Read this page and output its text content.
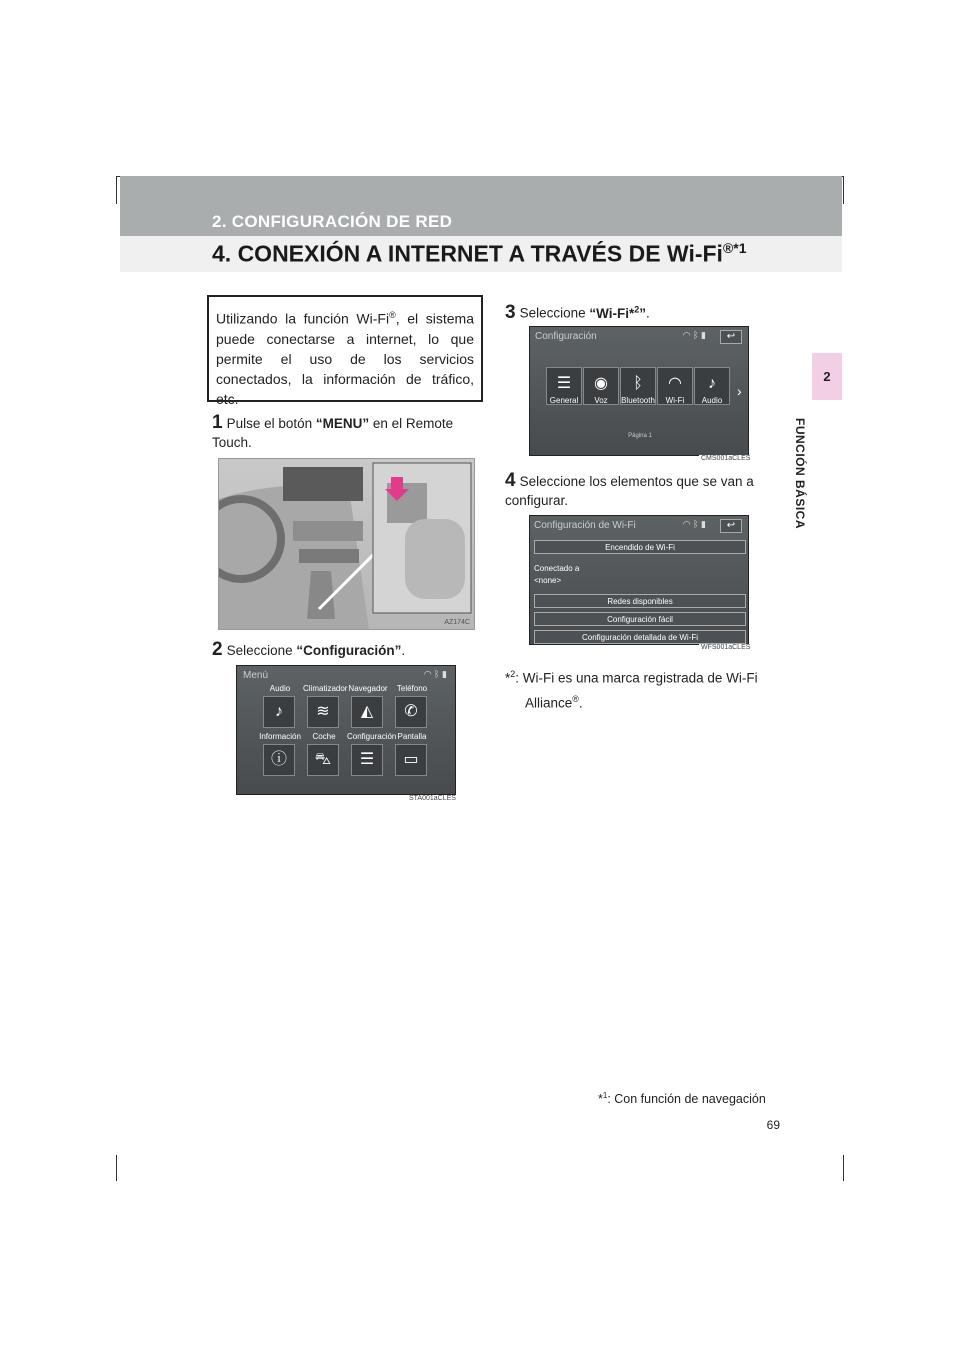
2. CONFIGURACIÓN DE RED
4. CONEXIÓN A INTERNET A TRAVÉS DE $Wi-Fi^{®*1}$
2
FUNCIÓN BÁSICA
Utilizando la función Wi-Fi®, el sistema puede conectarse a internet, lo que permite el uso de los servicios conectados, la información de tráfico, etc.
1 Pulse el botón “MENU” en el Remote Touch.
AZ174C
2 Seleccione “Configuración”.
Menú	◠ ᛒ ▮
Audio
♪
Climatizador
≋
Navegador
◭
Teléfono
✆
Información
ⓘ
Coche
⛍
Configuración
☰
Pantalla
▭
STA001aCLES
3 Seleccione “Wi-Fi*$^2$”.
Configuración	◠ ᛒ ▮	↩
☰
General
◉
Voz
ᛒ
Bluetooth
◠
Wi-Fi
♪
Audio
›
Página 1
CMS001aCLES
4 Seleccione los elementos que se van a configurar.
Configuración de Wi-Fi	◠ ᛒ ▮	↩
Encendido de Wi-Fi
Conectado a
<none>
Redes disponibles
Configuración fácil
Configuración detallada de Wi-Fi
WFS001aCLES
*$^2$: Wi-Fi es una marca registrada de Wi-Fi Alliance®.
*$^1$: Con función de navegación
69
